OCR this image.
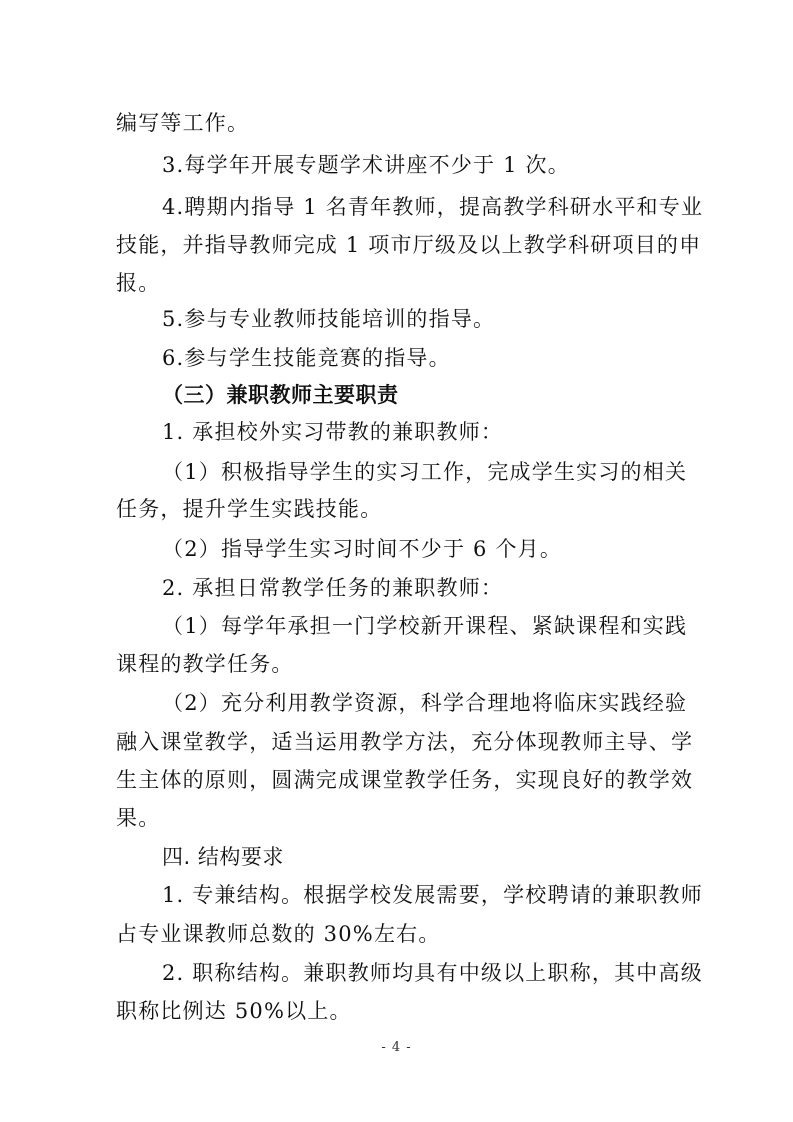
编写等工作。
3.每学年开展专题学术讲座不少于 1 次。
4.聘期内指导 1 名青年教师，提高教学科研水平和专业
技能，并指导教师完成 1 项市厅级及以上教学科研项目的申
报。
5.参与专业教师技能培训的指导。
6.参与学生技能竞赛的指导。
（三）兼职教师主要职责
1. 承担校外实习带教的兼职教师：
（1）积极指导学生的实习工作，完成学生实习的相关
任务，提升学生实践技能。
（2）指导学生实习时间不少于 6 个月。
2. 承担日常教学任务的兼职教师：
（1）每学年承担一门学校新开课程、紧缺课程和实践
课程的教学任务。
（2）充分利用教学资源，科学合理地将临床实践经验
融入课堂教学，适当运用教学方法，充分体现教师主导、学
生主体的原则，圆满完成课堂教学任务，实现良好的教学效
果。
四. 结构要求
1. 专兼结构。根据学校发展需要，学校聘请的兼职教师
占专业课教师总数的 30%左右。
2. 职称结构。兼职教师均具有中级以上职称，其中高级
职称比例达 50%以上。
- 4 -
